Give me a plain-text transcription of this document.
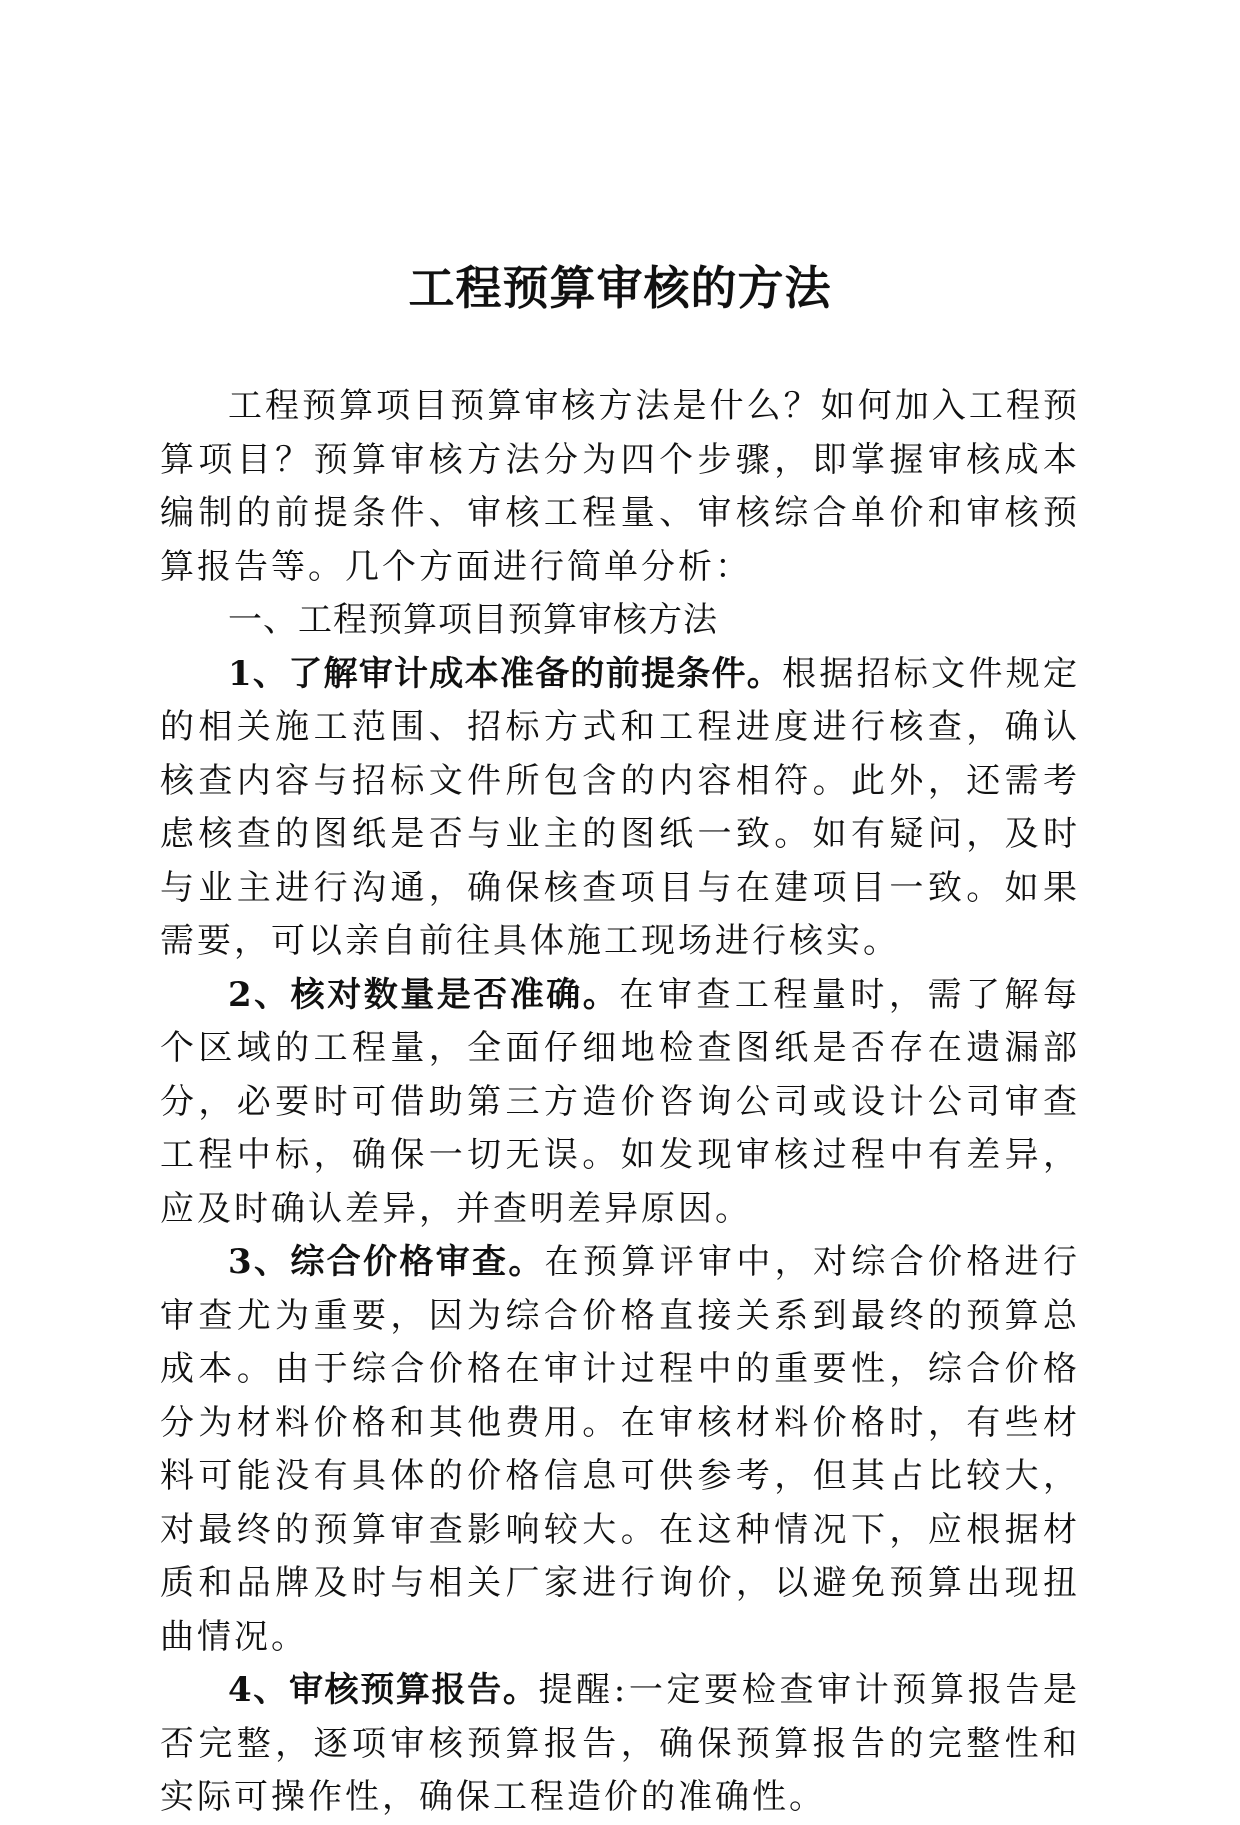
工程预算审核的方法

工程预算项目预算审核方法是什么？如何加入工程预算项目？预算审核方法分为四个步骤，即掌握审核成本编制的前提条件、审核工程量、审核综合单价和审核预算报告等。几个方面进行简单分析：

一、工程预算项目预算审核方法

1、了解审计成本准备的前提条件。根据招标文件规定的相关施工范围、招标方式和工程进度进行核查，确认核查内容与招标文件所包含的内容相符。此外，还需考虑核查的图纸是否与业主的图纸一致。如有疑问，及时与业主进行沟通，确保核查项目与在建项目一致。如果需要，可以亲自前往具体施工现场进行核实。

2、核对数量是否准确。在审查工程量时，需了解每个区域的工程量，全面仔细地检查图纸是否存在遗漏部分，必要时可借助第三方造价咨询公司或设计公司审查工程中标，确保一切无误。如发现审核过程中有差异，应及时确认差异，并查明差异原因。

3、综合价格审查。在预算评审中，对综合价格进行审查尤为重要，因为综合价格直接关系到最终的预算总成本。由于综合价格在审计过程中的重要性，综合价格分为材料价格和其他费用。在审核材料价格时，有些材料可能没有具体的价格信息可供参考，但其占比较大，对最终的预算审查影响较大。在这种情况下，应根据材质和品牌及时与相关厂家进行询价，以避免预算出现扭曲情况。

4、审核预算报告。提醒:一定要检查审计预算报告是否完整，逐项审核预算报告，确保预算报告的完整性和实际可操作性，确保工程造价的准确性。
